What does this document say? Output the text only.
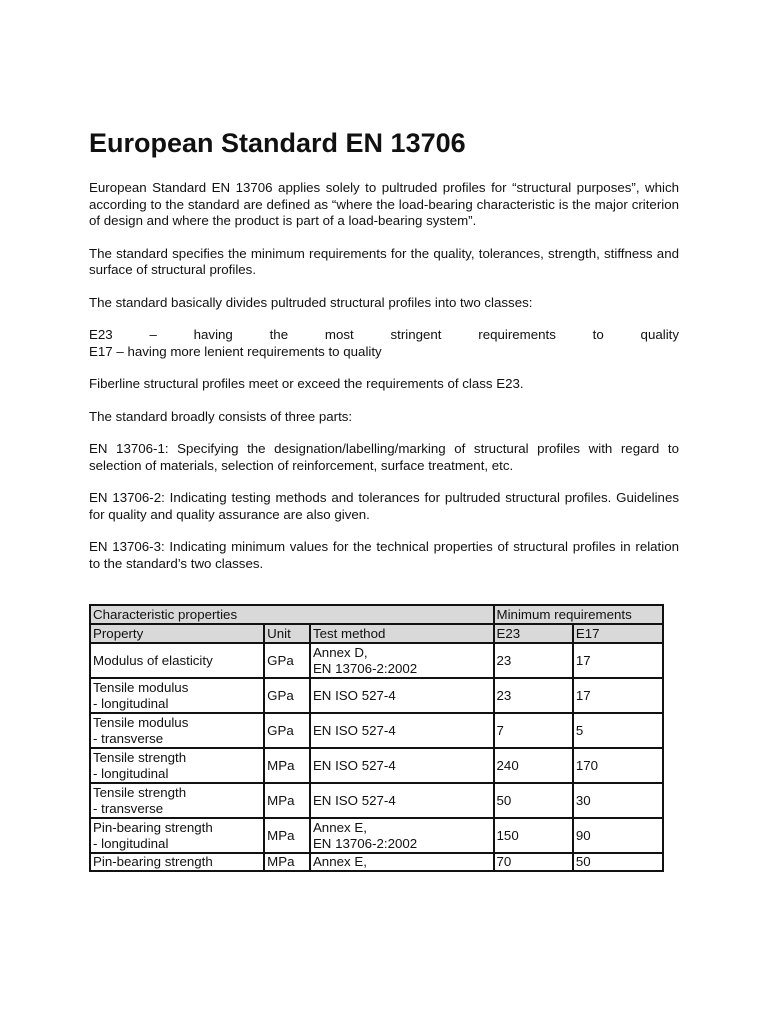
European Standard EN 13706

European Standard EN 13706 applies solely to pultruded profiles for “structural purposes”, which according to the standard are defined as “where the load-bearing characteristic is the major criterion of design and where the product is part of a load-bearing system”.

The standard specifies the minimum requirements for the quality, tolerances, strength, stiffness and surface of structural profiles.

The standard basically divides pultruded structural profiles into two classes:

E23 – having the most stringent requirements to quality
E17 – having more lenient requirements to quality

Fiberline structural profiles meet or exceed the requirements of class E23.

The standard broadly consists of three parts:

EN 13706-1: Specifying the designation/labelling/marking of structural profiles with regard to selection of materials, selection of reinforcement, surface treatment, etc.

EN 13706-2: Indicating testing methods and tolerances for pultruded structural profiles. Guidelines for quality and quality assurance are also given.

EN 13706-3: Indicating minimum values for the technical properties of structural profiles in relation to the standard’s two classes.

Characteristic properties			Minimum requirements	
Property	Unit	Test method	E23	E17
Modulus of elasticity	GPa	Annex D,
EN 13706-2:2002	23	17
Tensile modulus
- longitudinal	GPa	EN ISO 527-4	23	17
Tensile modulus
- transverse	GPa	EN ISO 527-4	7	5
Tensile strength
- longitudinal	MPa	EN ISO 527-4	240	170
Tensile strength
- transverse	MPa	EN ISO 527-4	50	30
Pin-bearing strength
- longitudinal	MPa	Annex E,
EN 13706-2:2002	150	90
Pin-bearing strength	MPa	Annex E,	70	50
